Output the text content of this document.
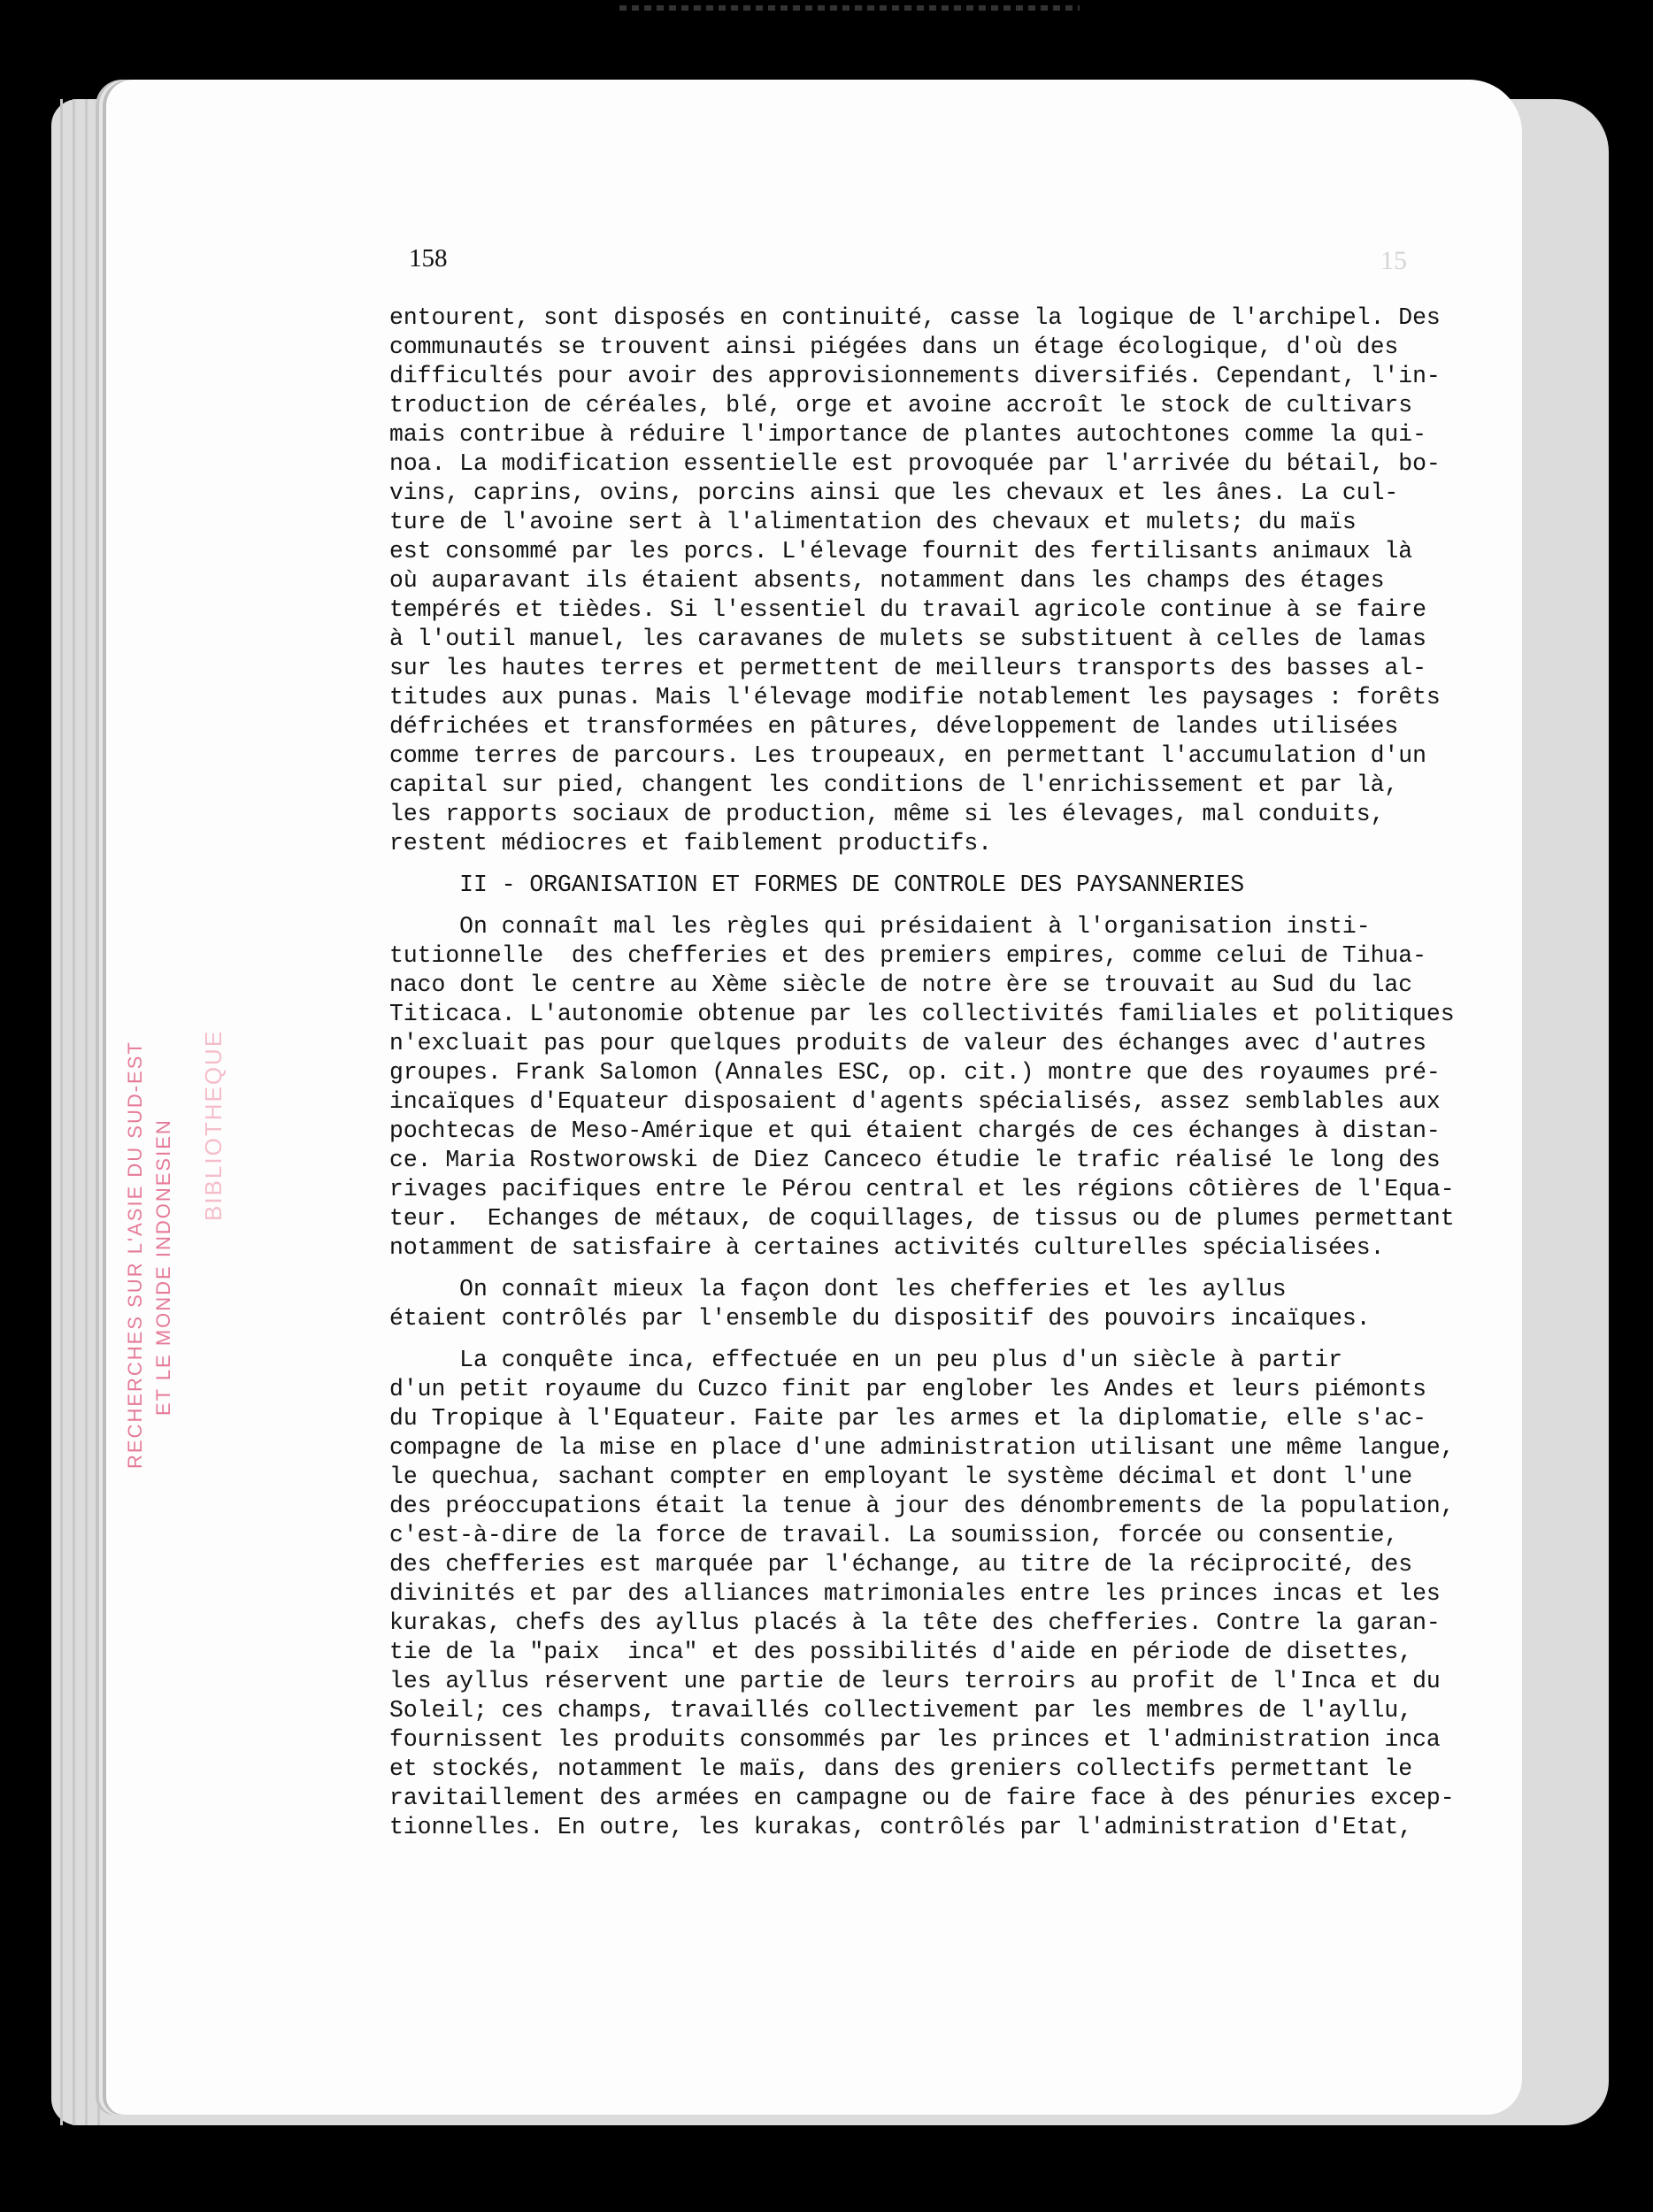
RECHERCHES SUR L'ASIE DU SUD-EST ET LE MONDE INDONESIEN BIBLIOTHEQUE
158	15
entourent, sont disposés en continuité, casse la logique de l'archipel. Des
communautés se trouvent ainsi piégées dans un étage écologique, d'où des
difficultés pour avoir des approvisionnements diversifiés. Cependant, l'in-
troduction de céréales, blé, orge et avoine accroît le stock de cultivars
mais contribue à réduire l'importance de plantes autochtones comme la qui-
noa. La modification essentielle est provoquée par l'arrivée du bétail, bo-
vins, caprins, ovins, porcins ainsi que les chevaux et les ânes. La cul-
ture de l'avoine sert à l'alimentation des chevaux et mulets; du maïs
est consommé par les porcs. L'élevage fournit des fertilisants animaux là
où auparavant ils étaient absents, notamment dans les champs des étages
tempérés et tièdes. Si l'essentiel du travail agricole continue à se faire
à l'outil manuel, les caravanes de mulets se substituent à celles de lamas
sur les hautes terres et permettent de meilleurs transports des basses al-
titudes aux punas. Mais l'élevage modifie notablement les paysages : forêts
défrichées et transformées en pâtures, développement de landes utilisées
comme terres de parcours. Les troupeaux, en permettant l'accumulation d'un
capital sur pied, changent les conditions de l'enrichissement et par là,
les rapports sociaux de production, même si les élevages, mal conduits,
restent médiocres et faiblement productifs.
II - ORGANISATION ET FORMES DE CONTROLE DES PAYSANNERIES
On connaît mal les règles qui présidaient à l'organisation insti-
tutionnelle  des chefferies et des premiers empires, comme celui de Tihua-
naco dont le centre au Xème siècle de notre ère se trouvait au Sud du lac
Titicaca. L'autonomie obtenue par les collectivités familiales et politiques
n'excluait pas pour quelques produits de valeur des échanges avec d'autres
groupes. Frank Salomon (Annales ESC, op. cit.) montre que des royaumes pré-
incaïques d'Equateur disposaient d'agents spécialisés, assez semblables aux
pochtecas de Meso-Amérique et qui étaient chargés de ces échanges à distan-
ce. Maria Rostworowski de Diez Canceco étudie le trafic réalisé le long des
rivages pacifiques entre le Pérou central et les régions côtières de l'Equa-
teur.  Echanges de métaux, de coquillages, de tissus ou de plumes permettant
notamment de satisfaire à certaines activités culturelles spécialisées.
On connaît mieux la façon dont les chefferies et les ayllus
étaient contrôlés par l'ensemble du dispositif des pouvoirs incaïques.
La conquête inca, effectuée en un peu plus d'un siècle à partir
d'un petit royaume du Cuzco finit par englober les Andes et leurs piémonts
du Tropique à l'Equateur. Faite par les armes et la diplomatie, elle s'ac-
compagne de la mise en place d'une administration utilisant une même langue,
le quechua, sachant compter en employant le système décimal et dont l'une
des préoccupations était la tenue à jour des dénombrements de la population,
c'est-à-dire de la force de travail. La soumission, forcée ou consentie,
des chefferies est marquée par l'échange, au titre de la réciprocité, des
divinités et par des alliances matrimoniales entre les princes incas et les
kurakas, chefs des ayllus placés à la tête des chefferies. Contre la garan-
tie de la "paix  inca" et des possibilités d'aide en période de disettes,
les ayllus réservent une partie de leurs terroirs au profit de l'Inca et du
Soleil; ces champs, travaillés collectivement par les membres de l'ayllu,
fournissent les produits consommés par les princes et l'administration inca
et stockés, notamment le maïs, dans des greniers collectifs permettant le
ravitaillement des armées en campagne ou de faire face à des pénuries excep-
tionnelles. En outre, les kurakas, contrôlés par l'administration d'Etat,
